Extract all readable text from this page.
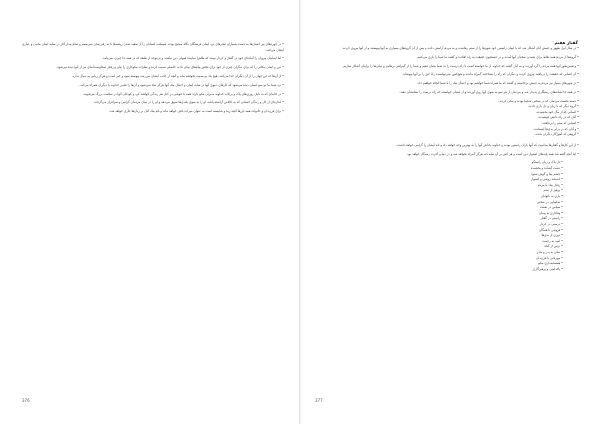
• در چهره‌های پیر انسان‌ها به دست بسیاران تبحرهای برد ایمان فرشتگان نگاه صحیح بوده، شیطنت انسانان را از سفید شدن ریشه‌ها تا ته رفتن‌شان نمی‌بینیم و تمام بیدار آثار در سایه ایمان ماندن و عیاری ایشان می‌کنند.

• اما ایمانیان پیروان را آماده‌ای خود در گفتار و کردار نبینند که ظاهرا نماینده قبولی دین نباشند و بی‌توجه از طبقه که در همه جا چیزی نمی‌یابند.

• دین و ایمان نیکانی را که برای دیگران چیزی از خود برای تحقق پیام‌های نیکی دادند حاصلی نصیب کرده و نظرات نیکوکاری را بیان و رفتار سخاوتمندانه‌ای نیز از آنها دیده می‌شود.

• از آن‌ها که این جهان را از آن دیگران جدا می‌کنند، هیچ یک بی‌نصیب نخواهند ماند و آنچه از جانب ایشان می‌رسد پیوسته سود و خیر است و هرگز زیانی به دنبال ندارد.

• نزد شما ما دو سو انسان دیده می‌شود که کارهای دنیوی آنها در سایه ایمان و اعمال نیک آنها هرگز تباه نمی‌شود و آن‌ها را تقدیر خداوند با دیگران همراه می‌کند.

• در خانه‌ای که به دلیل روزی‌های پاک و برکات خداوند مدیران نیکو دارند همه با خوشی در کنار هم زندگی خواهند کرد و کودکان آنها در سلامت بزرگ می‌شوند.

• اندازه‌ای از کار و زندگی انسانی که به اخلاص آراسته باشد، او را به سوی بلندی‌ها سوق می‌دهد و او را در میان مردمان گرامی و سرافراز می‌گرداند.

• برای فرزندان و خانواده همه این‌ها آنچه زیبا و شایسته است به عنوان میراث باقی خواهد ماند و نام نیک آنان بر زبان‌ها جاری خواهد شد.

376
گفتار هفتم

• در سال اول ظهور و جنبش آنان آشکار شد که با ایمان راستین خود شهرها را از ستم رهانیدند و به مردم آرامش دادند و پس از آن گروه‌های بسیاری به آنها پیوستند و از آنها پیروی کردند.

• گروه‌ها از مردم همه نقاط برای شنیدن سخنان آنها آمدند و در جستجوی حقیقت به راه افتادند و گفتند ما شما را یاری می‌کنیم.

• و همین‌طور آنها همه مردم را گرد آوردند و به آنان گفتند که خداوند از ما خواسته است تا راه درست را به شما نشان دهیم و شما را از گمراهی برهانیم و نیکی‌ها را برایتان آشکار سازیم.

• آن کسانی که حقیقت را دریافتند پیروی کردند و دیگران که راه را نشناختند گمراه ماندند و هیچ‌کس نمی‌توانست راه حق را بر آنها بپوشاند.

• در شهرهای بسیار نیز مردم به جنبش برخاستند و گفتند که ما همراه شما خواهیم بود و اعمال نیک را با شما انجام خواهیم داد.

• در همه جا نشانه‌های رستگاری پدیدار شد و مردمان از هر سو به سوی آنها روی آوردند و از ایشان خواستند که راه درست را نشانشان دهند.

• دسته نخست مردمان که در سختی شکیبا بودند و نیکی کردند.

• گروه دیگر که با زبان و دل یاری دادند.

• کسانی که از مال خود بخشیدند.

• آنان که در راه دانش کوشیدند.

• کسانی که ستم را برنتافتند.

• و آنان که در برابر بدی‌ها ایستادند.

• گروهی که آموزگار دیگران شدند.

• از این کارها و گفتارها پیداست که آنها یاران راستین بودند و خداوند پاداش آنها را به بهترین وجه خواهد داد و نام ایشان را گرامی خواهد داشت.

• اما آنچه گفته شد همه پایه‌های استوار دین است و هر کس بر آن تکیه کند هرگز گمراه نخواهد شد و در دنیا و آخرت رستگار خواهد بود.

• دل پاک و زبان راستگو

• دست گشاده و بخشنده

• چشم بینا و گوش شنوا

• اندیشه روشن و استوار

• رفتار نیک با مردم

• پرهیز از ستم

• یاری به ناتوانان

• شکیبایی در سختی

• سپاس در نعمت

• وفاداری به پیمان

• راستی در گفتار

• درستی در کردار

• فروتنی با همگان

• دوری از بدی‌ها

• امید به رحمت

• ترس از گناه

• نیکی به پدر و مادر

• مهربانی با فرزندان

• همسایه‌داری نیکو

• پاکدامنی و پرهیزگاری

377
